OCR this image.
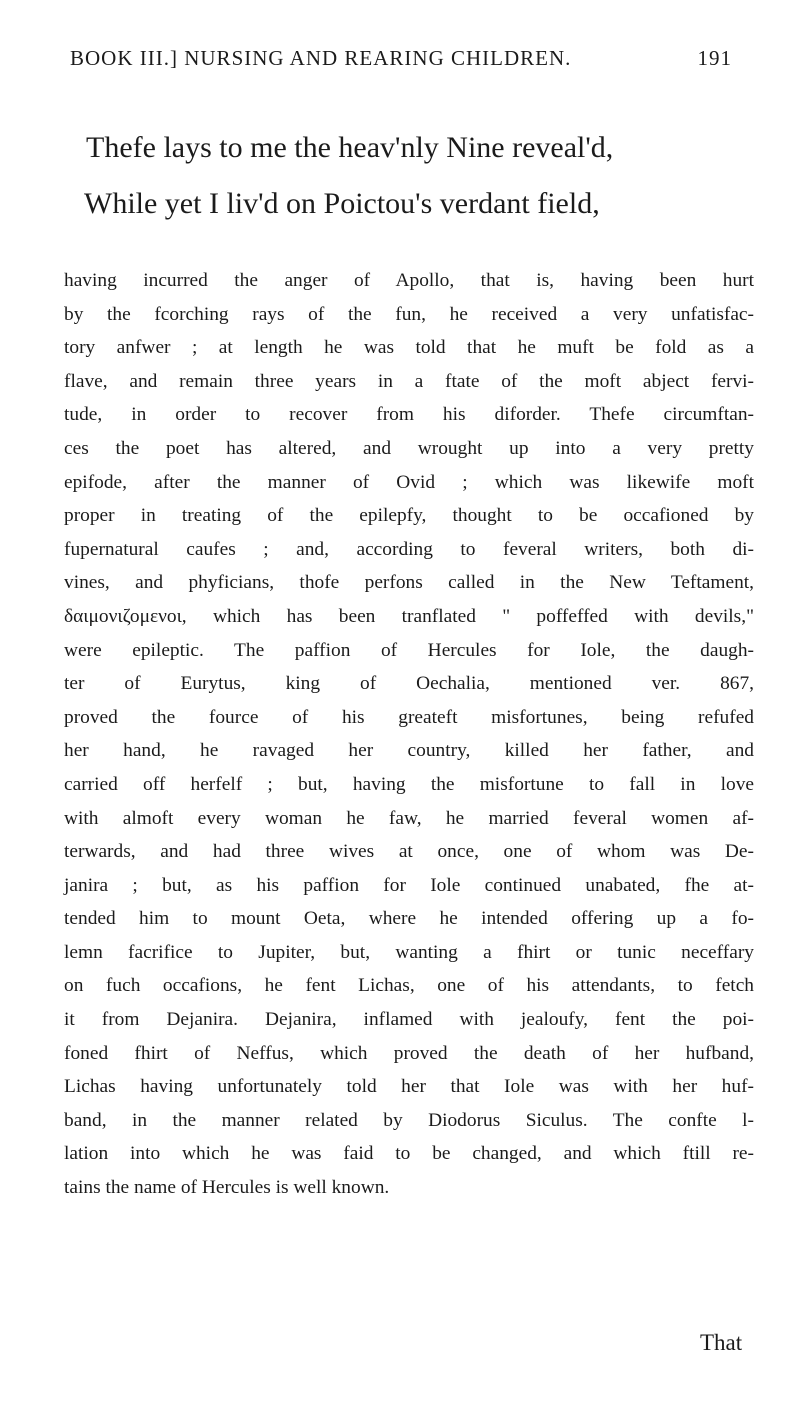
BOOK III.] NURSING AND REARING CHILDREN.	191
Thefe lays to me the heav'nly Nine reveal'd,
While yet I liv'd on Poictou's verdant field,
having incurred the anger of Apollo, that is, having been hurt
by the fcorching rays of the fun, he received a very unfatisfac-
tory anfwer ; at length he was told that he muft be fold as a
flave, and remain three years in a ftate of the moft abject fervi-
tude, in order to recover from his diforder. Thefe circumftan-
ces the poet has altered, and wrought up into a very pretty
epifode, after the manner of Ovid ; which was likewife moft
proper in treating of the epilepfy, thought to be occafioned by
fupernatural caufes ; and, according to feveral writers, both di-
vines, and phyficians, thofe perfons called in the New Teftament,
δαιμονιζομενοι, which has been tranflated " poffeffed with devils,"
were epileptic. The paffion of Hercules for Iole, the daugh-
ter of Eurytus, king of Oechalia, mentioned ver. 867,
proved the fource of his greateft misfortunes, being refufed
her hand, he ravaged her country, killed her father, and
carried off herfelf ; but, having the misfortune to fall in love
with almoft every woman he faw, he married feveral women af-
terwards, and had three wives at once, one of whom was De-
janira ; but, as his paffion for Iole continued unabated, fhe at-
tended him to mount Oeta, where he intended offering up a fo-
lemn facrifice to Jupiter, but, wanting a fhirt or tunic neceffary
on fuch occafions, he fent Lichas, one of his attendants, to fetch
it from Dejanira. Dejanira, inflamed with jealoufy, fent the poi-
foned fhirt of Neffus, which proved the death of her hufband,
Lichas having unfortunately told her that Iole was with her huf-
band, in the manner related by Diodorus Siculus. The confte l-
lation into which he was faid to be changed, and which ftill re-
tains the name of Hercules is well known.
That
